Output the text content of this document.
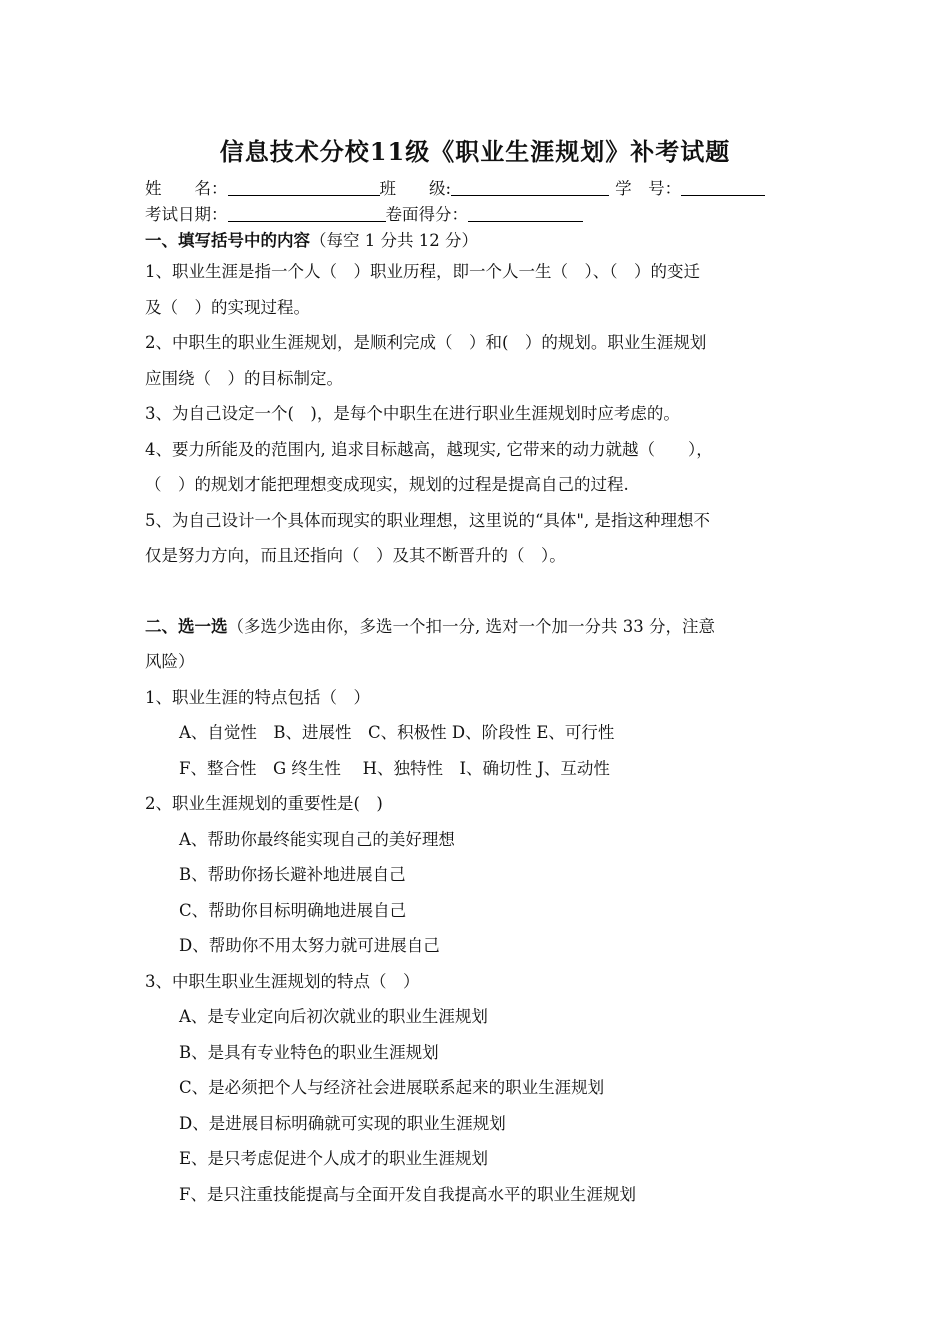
信息技术分校11级《职业生涯规划》补考试题
姓　　名：	班　　级:	学　号：
考试日期：	卷面得分：
一、填写括号中的内容（每空 1 分共 12 分）
1、职业生涯是指一个人（　）职业历程，即一个人一生（　）、（　）的变迁
及（　）的实现过程。
2、中职生的职业生涯规划，是顺利完成（　）和(　）的规划。职业生涯规划
应围绕（　）的目标制定。
3、为自己设定一个(　)，是每个中职生在进行职业生涯规划时应考虑的。
4、要力所能及的范围内, 追求目标越高，越现实, 它带来的动力就越（　　），
（　）的规划才能把理想变成现实，规划的过程是提高自己的过程.
5、为自己设计一个具体而现实的职业理想，这里说的“具体", 是指这种理想不
仅是努力方向，而且还指向（　）及其不断晋升的（　）。
二、选一选（多选少选由你，多选一个扣一分, 选对一个加一分共 33 分，注意
风险）
1、职业生涯的特点包括（　）
A、自觉性　B、进展性　C、积极性 D、阶段性 E、可行性
F、整合性　G 终生性　 H、独特性　I、确切性 J、互动性
2、职业生涯规划的重要性是(　)
A、帮助你最终能实现自己的美好理想
B、帮助你扬长避补地进展自己
C、帮助你目标明确地进展自己
D、帮助你不用太努力就可进展自己
3、中职生职业生涯规划的特点（　）
A、是专业定向后初次就业的职业生涯规划
B、是具有专业特色的职业生涯规划
C、是必须把个人与经济社会进展联系起来的职业生涯规划
D、是进展目标明确就可实现的职业生涯规划
E、是只考虑促进个人成才的职业生涯规划
F、是只注重技能提高与全面开发自我提高水平的职业生涯规划
